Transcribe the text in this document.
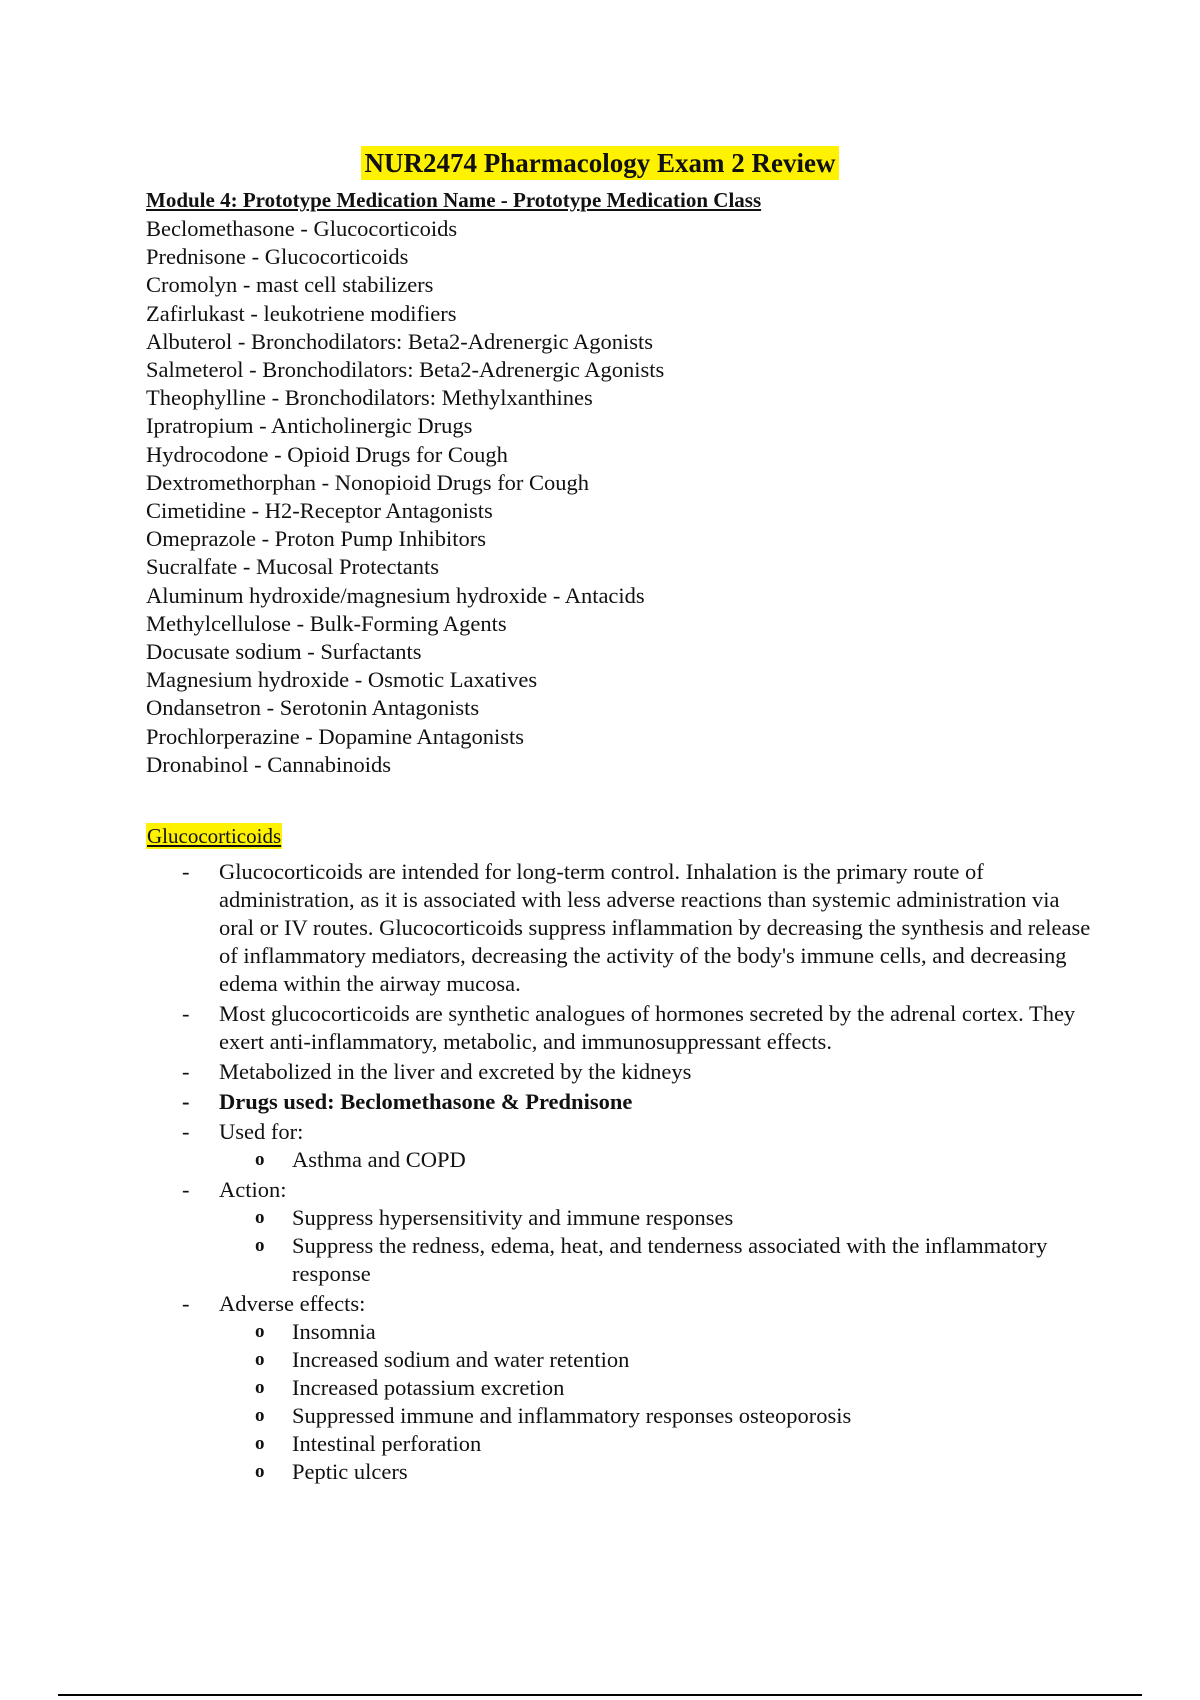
NUR2474 Pharmacology Exam 2 Review
Module 4: Prototype Medication Name - Prototype Medication Class
Beclomethasone - Glucocorticoids
Prednisone - Glucocorticoids
Cromolyn - mast cell stabilizers
Zafirlukast - leukotriene modifiers
Albuterol - Bronchodilators: Beta2-Adrenergic Agonists
Salmeterol - Bronchodilators: Beta2-Adrenergic Agonists
Theophylline - Bronchodilators: Methylxanthines
Ipratropium - Anticholinergic Drugs
Hydrocodone - Opioid Drugs for Cough
Dextromethorphan - Nonopioid Drugs for Cough
Cimetidine - H2-Receptor Antagonists
Omeprazole - Proton Pump Inhibitors
Sucralfate - Mucosal Protectants
Aluminum hydroxide/magnesium hydroxide - Antacids
Methylcellulose - Bulk-Forming Agents
Docusate sodium - Surfactants
Magnesium hydroxide - Osmotic Laxatives
Ondansetron - Serotonin Antagonists
Prochlorperazine - Dopamine Antagonists
Dronabinol - Cannabinoids
Glucocorticoids
- Glucocorticoids are intended for long-term control. Inhalation is the primary route of administration, as it is associated with less adverse reactions than systemic administration via oral or IV routes. Glucocorticoids suppress inflammation by decreasing the synthesis and release of inflammatory mediators, decreasing the activity of the body's immune cells, and decreasing edema within the airway mucosa.
- Most glucocorticoids are synthetic analogues of hormones secreted by the adrenal cortex. They exert anti-inflammatory, metabolic, and immunosuppressant effects.
- Metabolized in the liver and excreted by the kidneys
- Drugs used: Beclomethasone & Prednisone
- Used for:
o Asthma and COPD
- Action:
o Suppress hypersensitivity and immune responses
o Suppress the redness, edema, heat, and tenderness associated with the inflammatory response
- Adverse effects:
o Insomnia
o Increased sodium and water retention
o Increased potassium excretion
o Suppressed immune and inflammatory responses osteoporosis
o Intestinal perforation
o Peptic ulcers
